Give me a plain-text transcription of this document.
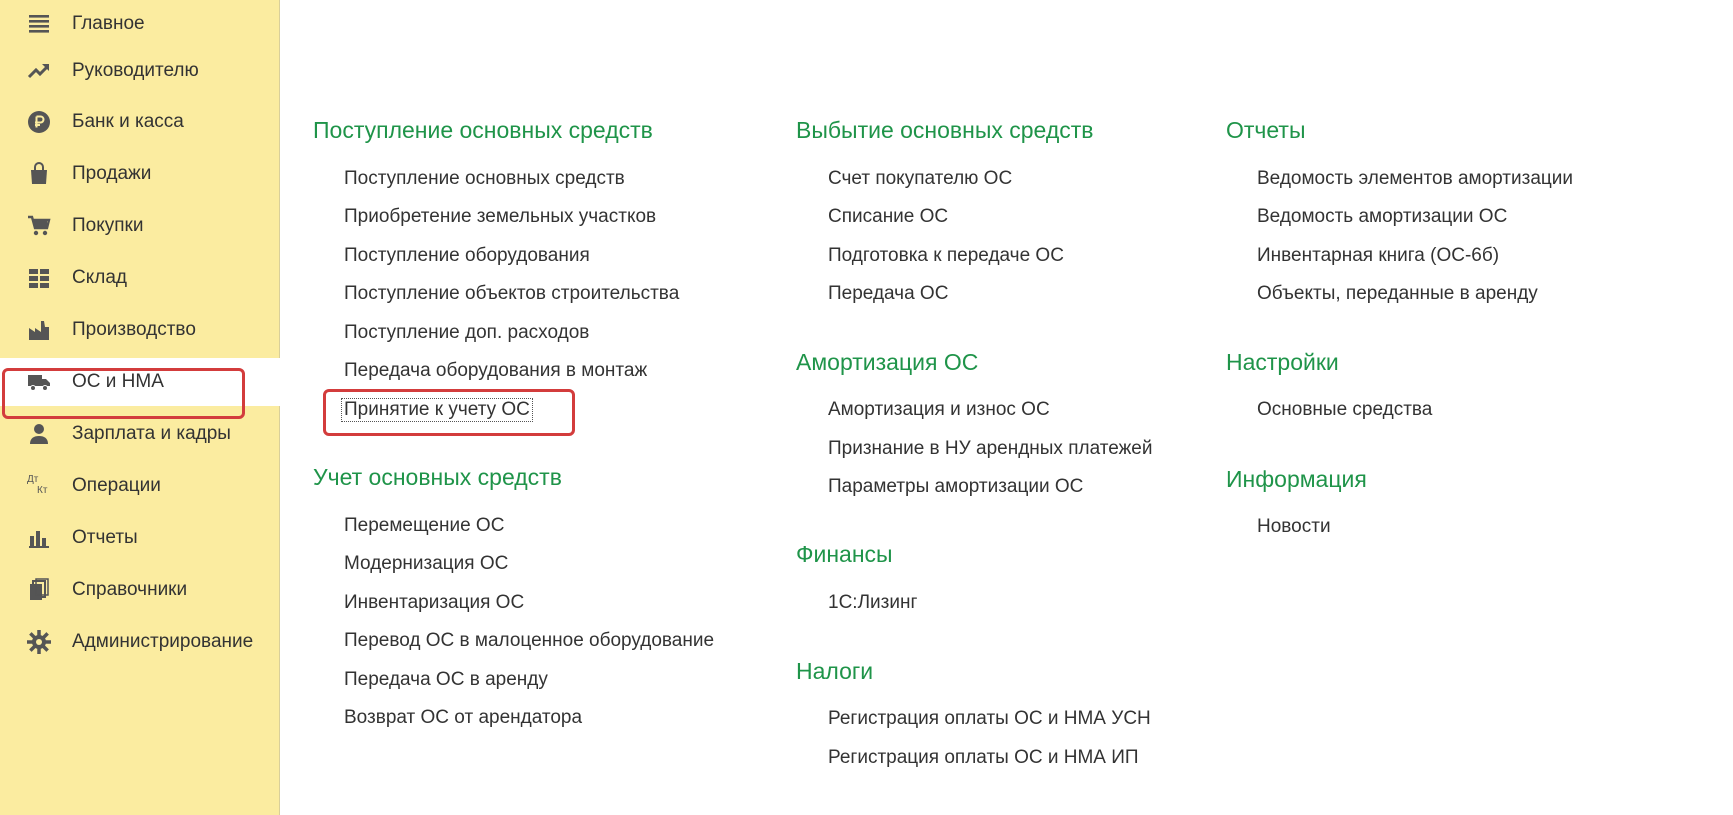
Главное
Руководителю
Банк и касса
Продажи
Покупки
Склад
Производство
ОС и НМА
Зарплата и кадры
Дт
Кт Операции
Отчеты
Справочники
Администрирование
Поступление основных средств
Поступление основных средств
Приобретение земельных участков
Поступление оборудования
Поступление объектов строительства
Поступление доп. расходов
Передача оборудования в монтаж
Принятие к учету ОС
Учет основных средств
Перемещение ОС
Модернизация ОС
Инвентаризация ОС
Перевод ОС в малоценное оборудование
Передача ОС в аренду
Возврат ОС от арендатора
Выбытие основных средств
Счет покупателю ОС
Списание ОС
Подготовка к передаче ОС
Передача ОС
Амортизация ОС
Амортизация и износ ОС
Признание в НУ арендных платежей
Параметры амортизации ОС
Финансы
1С:Лизинг
Налоги
Регистрация оплаты ОС и НМА УСН
Регистрация оплаты ОС и НМА ИП
Отчеты
Ведомость элементов амортизации
Ведомость амортизации ОС
Инвентарная книга (ОС-6б)
Объекты, переданные в аренду
Настройки
Основные средства
Информация
Новости
